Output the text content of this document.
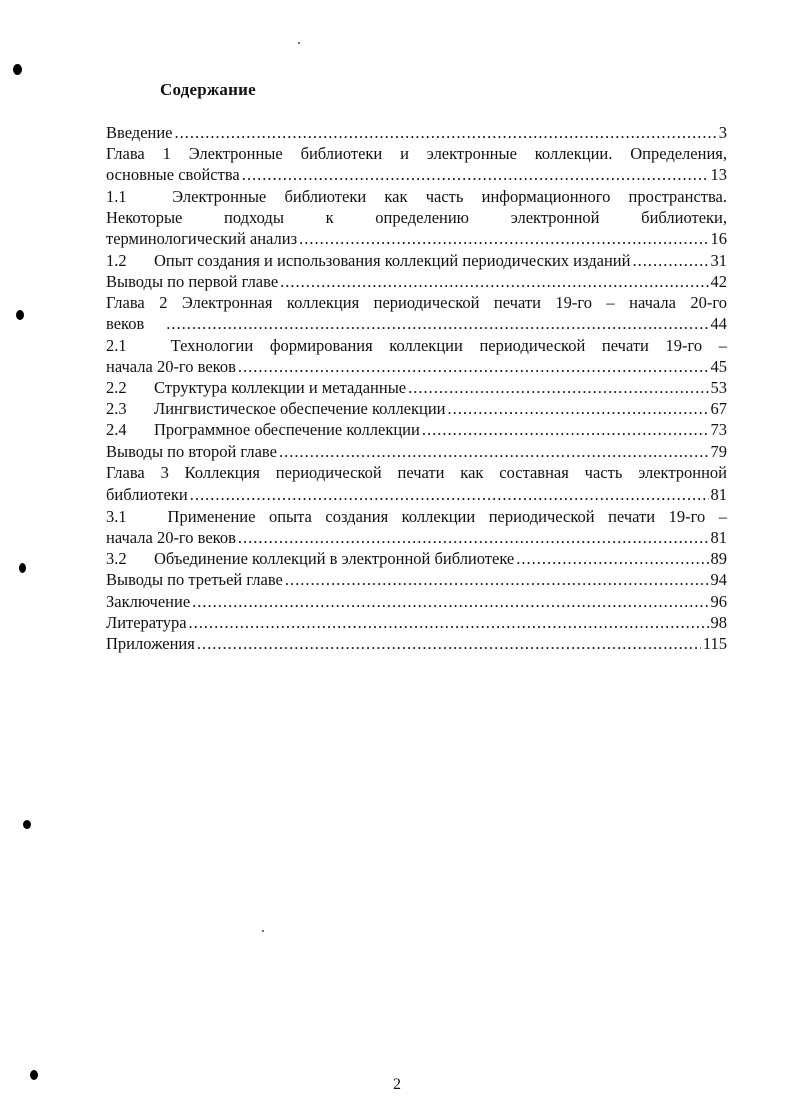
Содержание
Введение .....	3
Глава 1 Электронные библиотеки и электронные коллекции. Определения,
основные свойства .....	13
1.1	Электронные библиотеки как часть информационного пространства.
Некоторые подходы к определению электронной библиотеки,
терминологический анализ .....	16
1.2 Опыт создания и использования коллекций периодических изданий .....	31
Выводы по первой главе .....	42
Глава 2 Электронная коллекция периодической печати 19-го – начала 20-го
веков .....	44
2.1	Технологии формирования коллекции периодической печати 19-го –
начала 20-го веков .....	45
2.2 Структура коллекции и метаданные .....	53
2.3 Лингвистическое обеспечение коллекции .....	67
2.4 Программное обеспечение коллекции .....	73
Выводы по второй главе .....	79
Глава 3 Коллекция периодической печати как составная часть электронной
библиотеки .....	81
3.1 Применение опыта создания коллекции периодической печати 19-го –
начала 20-го веков .....	81
3.2 Объединение коллекций в электронной библиотеке .....	89
Выводы по третьей главе .....	94
Заключение .....	96
Литература .....	98
Приложения .....	115
2
